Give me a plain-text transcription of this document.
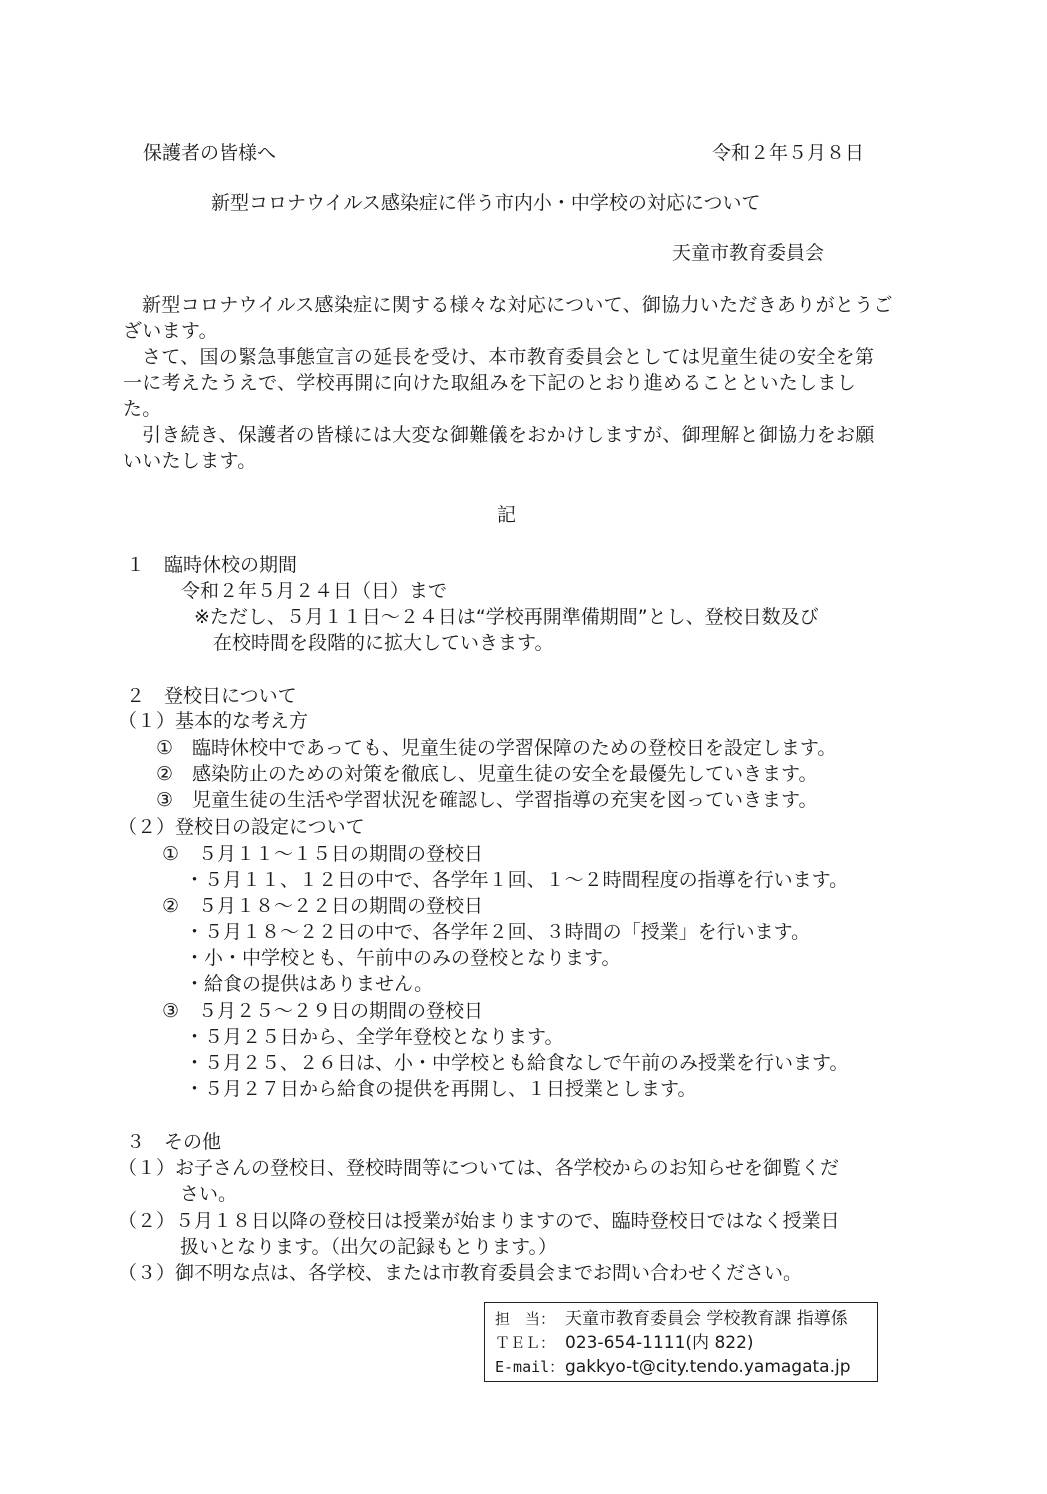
保護者の皆様へ	令和２年５月８日
新型コロナウイルス感染症に伴う市内小・中学校の対応について
天童市教育委員会

新型コロナウイルス感染症に関する様々な対応について、御協力いただきありがとうございます。

さて、国の緊急事態宣言の延長を受け、本市教育委員会としては児童生徒の安全を第一に考えたうえで、学校再開に向けた取組みを下記のとおり進めることといたしました。

引き続き、保護者の皆様には大変な御難儀をおかけしますが、御理解と御協力をお願いいたします。

記
１　臨時休校の期間
令和２年５月２４日（日）まで
※ただし、５月１１日～２４日は“学校再開準備期間”とし、登校日数及び
在校時間を段階的に拡大していきます。
２　登校日について
（１）基本的な考え方
①　臨時休校中であっても、児童生徒の学習保障のための登校日を設定します。
②　感染防止のための対策を徹底し、児童生徒の安全を最優先していきます。
③　児童生徒の生活や学習状況を確認し、学習指導の充実を図っていきます。
（２）登校日の設定について
①　５月１１～１５日の期間の登校日
・５月１１、１２日の中で、各学年１回、１～２時間程度の指導を行います。
②　５月１８～２２日の期間の登校日
・５月１８～２２日の中で、各学年２回、３時間の「授業」を行います。
・小・中学校とも、午前中のみの登校となります。
・給食の提供はありません。
③　５月２５～２９日の期間の登校日
・５月２５日から、全学年登校となります。
・５月２５、２６日は、小・中学校とも給食なしで午前のみ授業を行います。
・５月２７日から給食の提供を再開し、１日授業とします。
３　その他
（１）お子さんの登校日、登校時間等については、各学校からのお知らせを御覧くだ
さい。
（２）５月１８日以降の登校日は授業が始まりますので、臨時登校日ではなく授業日
扱いとなります。（出欠の記録もとります。）
（３）御不明な点は、各学校、または市教育委員会までお問い合わせください。
担　当： 天童市教育委員会 学校教育課 指導係
ＴＥＬ： 023-654-1111(内 822)
E-mail：gakkyo-t@city.tendo.yamagata.jp
